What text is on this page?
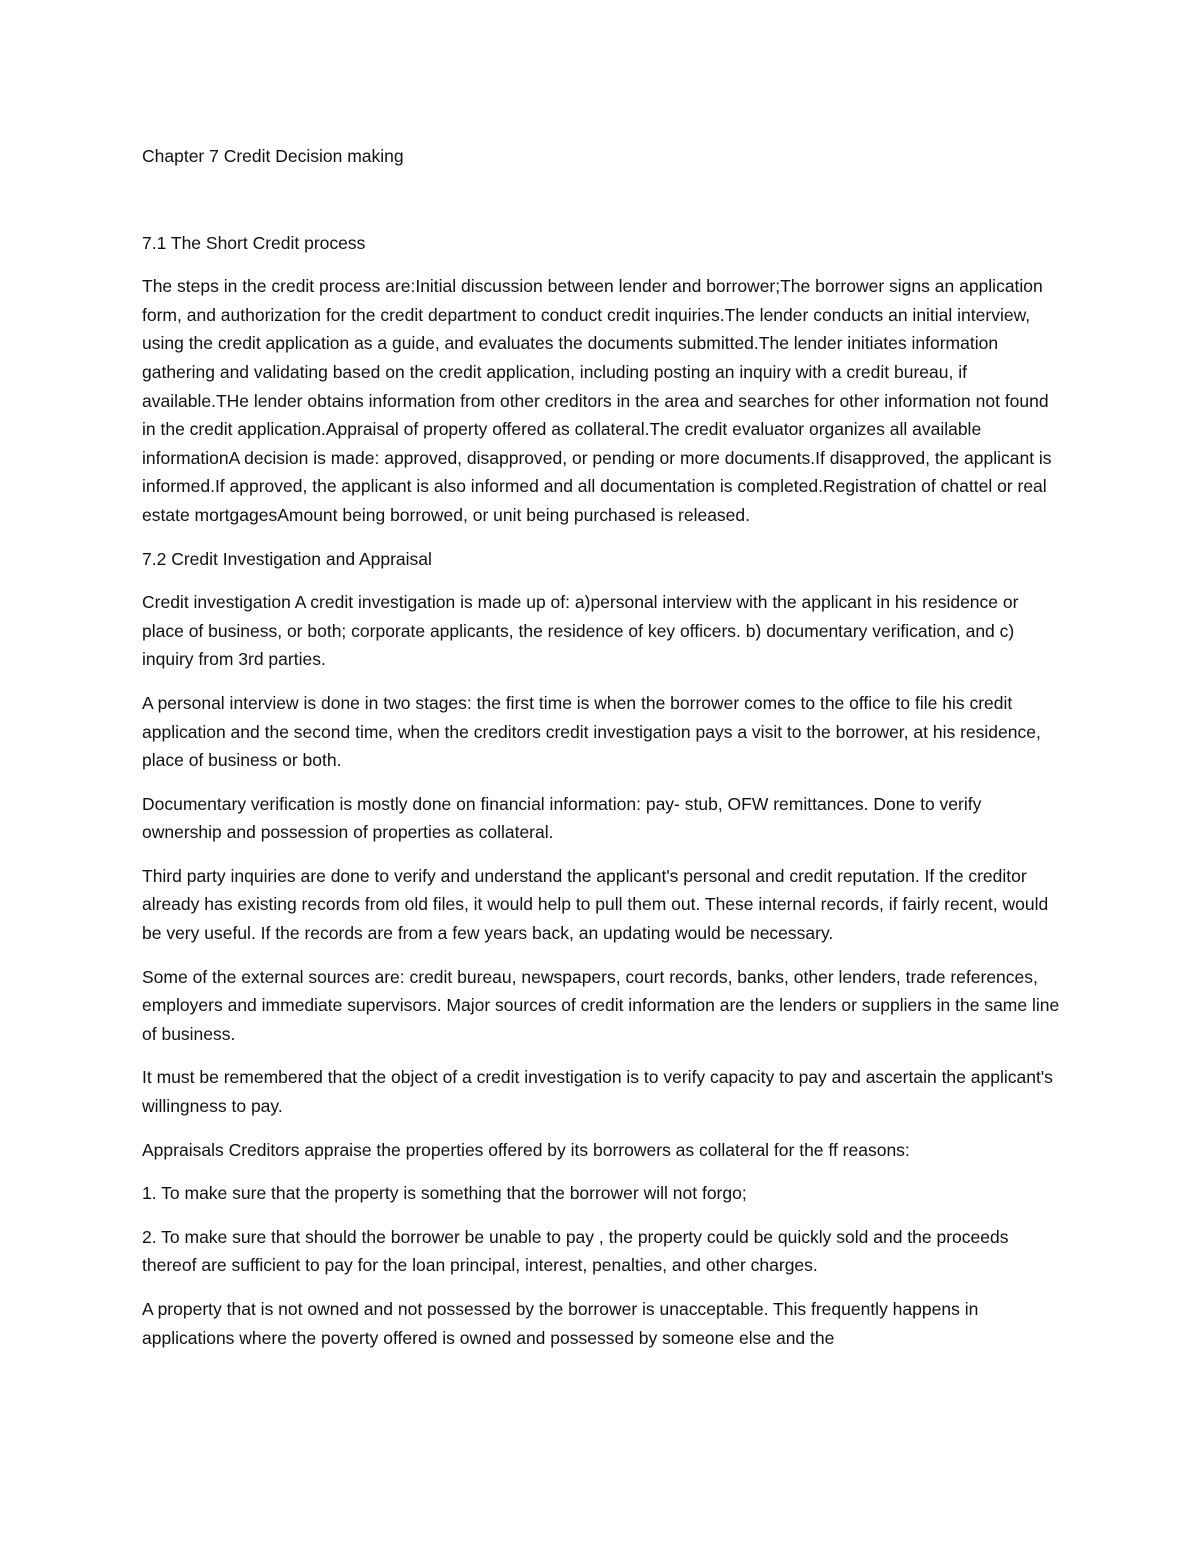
Chapter 7 Credit Decision making

7.1 The Short Credit process

The steps in the credit process are:Initial discussion between lender and borrower;The borrower signs an application form, and authorization for the credit department to conduct credit inquiries.The lender conducts an initial interview, using the credit application as a guide, and evaluates the documents submitted.The lender initiates information gathering and validating based on the credit application, including posting an inquiry with a credit bureau, if available.THe lender obtains information from other creditors in the area and searches for other information not found in the credit application.Appraisal of property offered as collateral.The credit evaluator organizes all available informationA decision is made: approved, disapproved, or pending or more documents.If disapproved, the applicant is informed.If approved, the applicant is also informed and all documentation is completed.Registration of chattel or real estate mortgagesAmount being borrowed, or unit being purchased is released.

7.2 Credit Investigation and Appraisal

Credit investigation A credit investigation is made up of: a)personal interview with the applicant in his residence or place of business, or both; corporate applicants, the residence of key officers. b) documentary verification, and c) inquiry from 3rd parties.

A personal interview is done in two stages: the first time is when the borrower comes to the office to file his credit application and the second time, when the creditors credit investigation pays a visit to the borrower, at his residence, place of business or both.

Documentary verification is mostly done on financial information: pay- stub, OFW remittances. Done to verify ownership and possession of properties as collateral.

Third party inquiries are done to verify and understand the applicant's personal and credit reputation. If the creditor already has existing records from old files, it would help to pull them out. These internal records, if fairly recent, would be very useful. If the records are from a few years back, an updating would be necessary.

Some of the external sources are: credit bureau, newspapers, court records, banks, other lenders, trade references, employers and immediate supervisors. Major sources of credit information are the lenders or suppliers in the same line of business.

It must be remembered that the object of a credit investigation is to verify capacity to pay and ascertain the applicant's willingness to pay.

Appraisals Creditors appraise the properties offered by its borrowers as collateral for the ff reasons:

1. To make sure that the property is something that the borrower will not forgo;

2. To make sure that should the borrower be unable to pay , the property could be quickly sold and the proceeds thereof are sufficient to pay for the loan principal, interest, penalties, and other charges.

A property that is not owned and not possessed by the borrower is unacceptable. This frequently happens in applications where the poverty offered is owned and possessed by someone else and the
